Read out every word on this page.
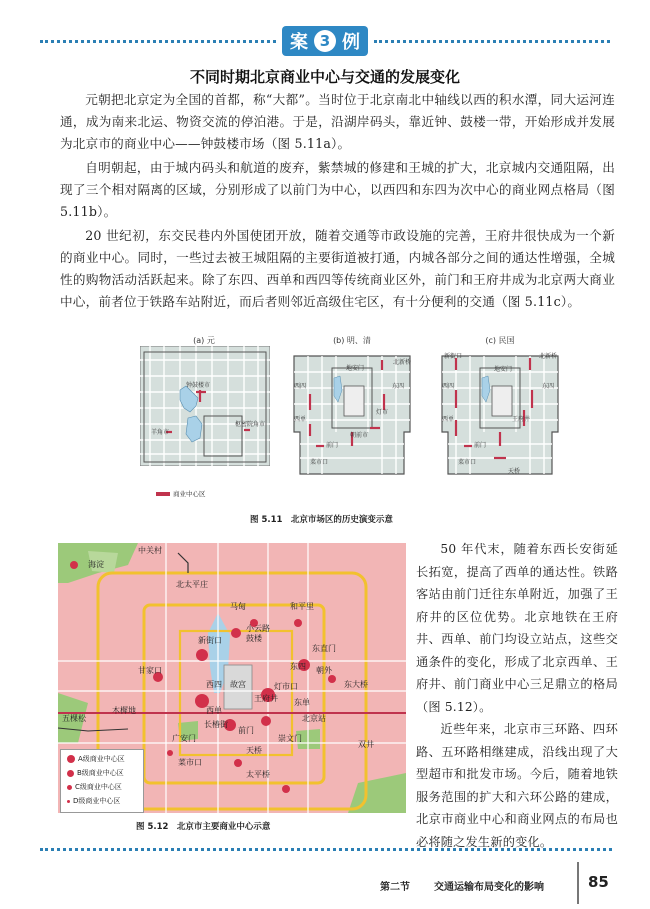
案 3 例
不同时期北京商业中心与交通的发展变化

元朝把北京定为全国的首都，称“大都”。当时位于北京南北中轴线以西的积水潭，同大运河连通，成为南来北运、物资交流的停泊港。于是，沿湖岸码头，靠近钟、鼓楼一带，开始形成并发展为北京市的商业中心——钟鼓楼市场（图 5.11a）。

自明朝起，由于城内码头和航道的废弃，紫禁城的修建和王城的扩大，北京城内交通阻隔，出现了三个相对隔离的区域，分别形成了以前门为中心，以西四和东四为次中心的商业网点格局（图 5.11b）。

20 世纪初，东交民巷内外国使团开放，随着交通等市政设施的完善，王府井很快成为一个新的商业中心。同时，一些过去被王城阻隔的主要街道被打通，内城各部分之间的通达性增强，全城性的购物活动活跃起来。除了东四、西单和西四等传统商业区外，前门和王府井成为北京两大商业中心，前者位于铁路车站附近，而后者则邻近高级住宅区，有十分便利的交通（图 5.11c）。

(a) 元	(b) 明、清	(c) 民国
钟鼓楼市
羊角市
枢密院角市
商业中心区
北新桥
地安门
西四	东四
灯市
西单
朝前市
前门
菜市口
新街口	北新桥
地安门
西四	东四
西单	王府井
前门
菜市口
天桥
图 5.11　北京市场区的历史演变示意
中关村
海淀
北太平庄
马甸	和平里
新街口	鼓楼
甘家口
西四
东四 朝外
东大桥
东直门
西单
故宫
王府井
灯市口
木樨地
长椿街
东单
北京站
五棵松
广安门
前门
崇文门
双井
菜市口
天桥
太平桥
小云路
A级商业中心区
B级商业中心区
C级商业中心区
D级商业中心区
图 5.12　北京市主要商业中心示意

50 年代末，随着东西长安街延长拓宽，提高了西单的通达性。铁路客站由前门迁往东单附近，加强了王府井的区位优势。北京地铁在王府井、西单、前门均设立站点，这些交通条件的变化，形成了北京西单、王府井、前门商业中心三足鼎立的格局（图 5.12）。

近些年来，北京市三环路、四环路、五环路相继建成，沿线出现了大型超市和批发市场。今后，随着地铁服务范围的扩大和六环公路的建成，北京市商业中心和商业网点的布局也必将随之发生新的变化。

第二节 交通运输布局变化的影响	85
